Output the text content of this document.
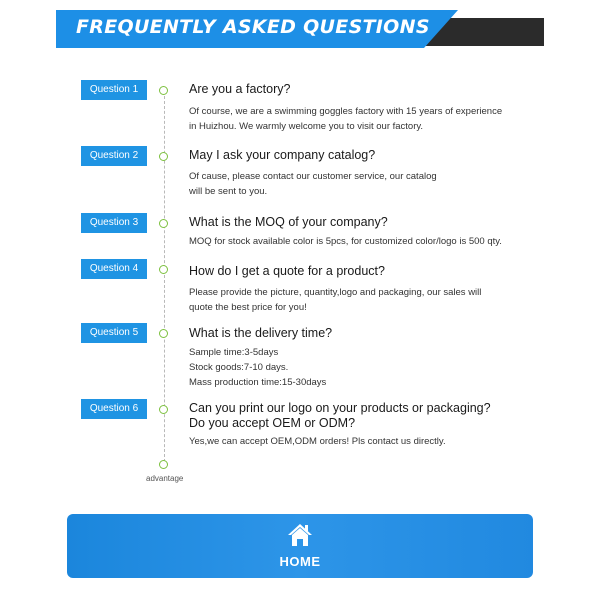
FREQUENTLY ASKED QUESTIONS
Question 1	Are you a factory?
Of course, we are a swimming goggles factory with 15 years of experience
in Huizhou. We warmly welcome you to visit our factory.
Question 2	May I ask your company catalog?
Of cause, please contact our customer service, our catalog
will be sent to you.
Question 3	What is the MOQ of your company?
MOQ for stock available color is 5pcs, for customized color/logo is 500 qty.
Question 4	How do I get a quote for a product?
Please provide the picture, quantity,logo and packaging, our sales will
quote the best price for you!
Question 5	What is the delivery time?
Sample time:3-5days
Stock goods:7-10 days.
Mass production time:15-30days
Question 6	Can you print our logo on your products or packaging?
Do you accept OEM or ODM?
Yes,we can accept OEM,ODM orders! Pls contact us directly.
advantage
HOME
